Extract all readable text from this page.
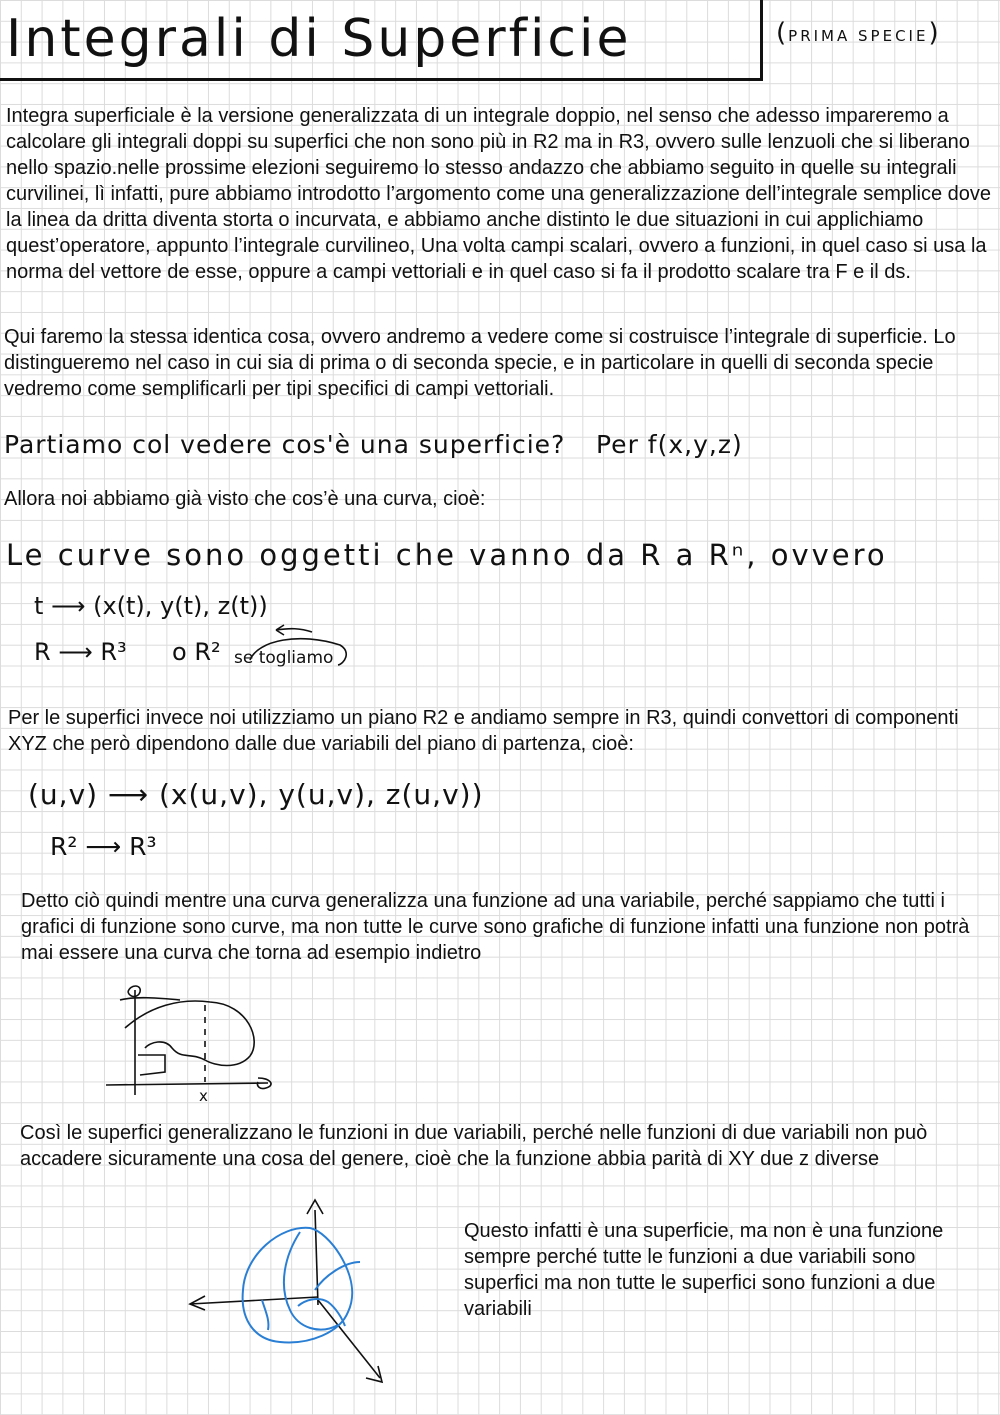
Integrali di Superficie	(PRIMA SPECIE)

Integra superficiale è la versione generalizzata di un integrale doppio, nel senso che adesso impareremo a calcolare gli integrali doppi su superfici che non sono più in R2 ma in R3, ovvero sulle lenzuoli che si liberano nello spazio.nelle prossime elezioni seguiremo lo stesso andazzo che abbiamo seguito in quelle su integrali curvilinei, lì infatti, pure abbiamo introdotto l’argomento come una generalizzazione dell’integrale semplice dove la linea da dritta diventa storta o incurvata, e abbiamo anche distinto le due situazioni in cui applichiamo quest’operatore, appunto l’integrale curvilineo, Una volta campi scalari, ovvero a funzioni, in quel caso si usa la norma del vettore de esse, oppure a campi vettoriali e in quel caso si fa il prodotto scalare tra F e il ds.

Qui faremo la stessa identica cosa, ovvero andremo a vedere come si costruisce l’integrale di superficie. Lo distingueremo nel caso in cui sia di prima o di seconda specie, e in particolare in quelli di seconda specie vedremo come semplificarli per tipi specifici di campi vettoriali.

Partiamo col vedere cos'è una superficie? Per f(x,y,z)

Allora noi abbiamo già visto che cos’è una curva, cioè:

Le curve sono oggetti che vanno da R a Rⁿ, ovvero
t ⟶ (x(t), y(t), z(t))
R ⟶ R³ o R² se togliamo

Per le superfici invece noi utilizziamo un piano R2 e andiamo sempre in R3, quindi convettori di componenti XYZ che però dipendono dalle due variabili del piano di partenza, cioè:

(u,v) ⟶ (x(u,v), y(u,v), z(u,v))
R² ⟶ R³

Detto ciò quindi mentre una curva generalizza una funzione ad una variabile, perché sappiamo che tutti i grafici di funzione sono curve, ma non tutte le curve sono grafiche di funzione infatti una funzione non potrà mai essere una curva che torna ad esempio indietro

x

Così le superfici generalizzano le funzioni in due variabili, perché nelle funzioni di due variabili non può accadere sicuramente una cosa del genere, cioè che la funzione abbia parità di XY due z diverse

Questo infatti è una superficie, ma non è una funzione sempre perché tutte le funzioni a due variabili sono superfici ma non tutte le superfici sono funzioni a due variabili
